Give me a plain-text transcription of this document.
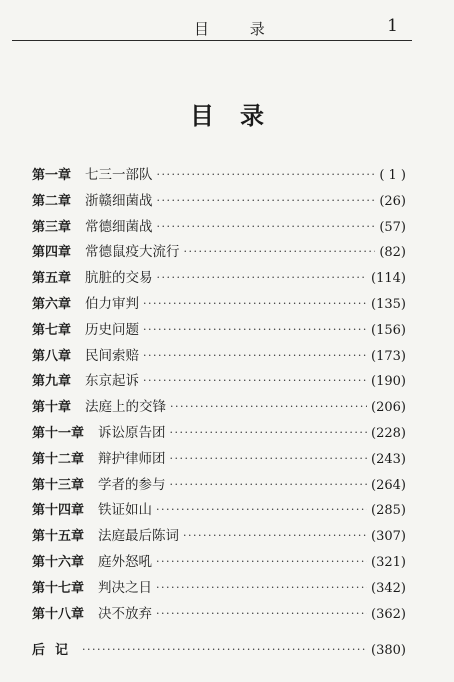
目 录	1
目录
第一章 七三一部队 ·····	( 1 )
第二章 浙赣细菌战 ·····	(26)
第三章 常德细菌战 ·····	(57)
第四章 常德鼠疫大流行 ·····	(82)
第五章 肮脏的交易 ·····	(114)
第六章 伯力审判 ·····	(135)
第七章 历史问题 ·····	(156)
第八章 民间索赔 ·····	(173)
第九章 东京起诉 ·····	(190)
第十章 法庭上的交锋 ·····	(206)
第十一章 诉讼原告团 ·····	(228)
第十二章 辩护律师团 ·····	(243)
第十三章 学者的参与 ·····	(264)
第十四章 铁证如山 ·····	(285)
第十五章 法庭最后陈词 ·····	(307)
第十六章 庭外怒吼 ·····	(321)
第十七章 判决之日 ·····	(342)
第十八章 决不放弃 ·····	(362)
后记 ·····	(380)
